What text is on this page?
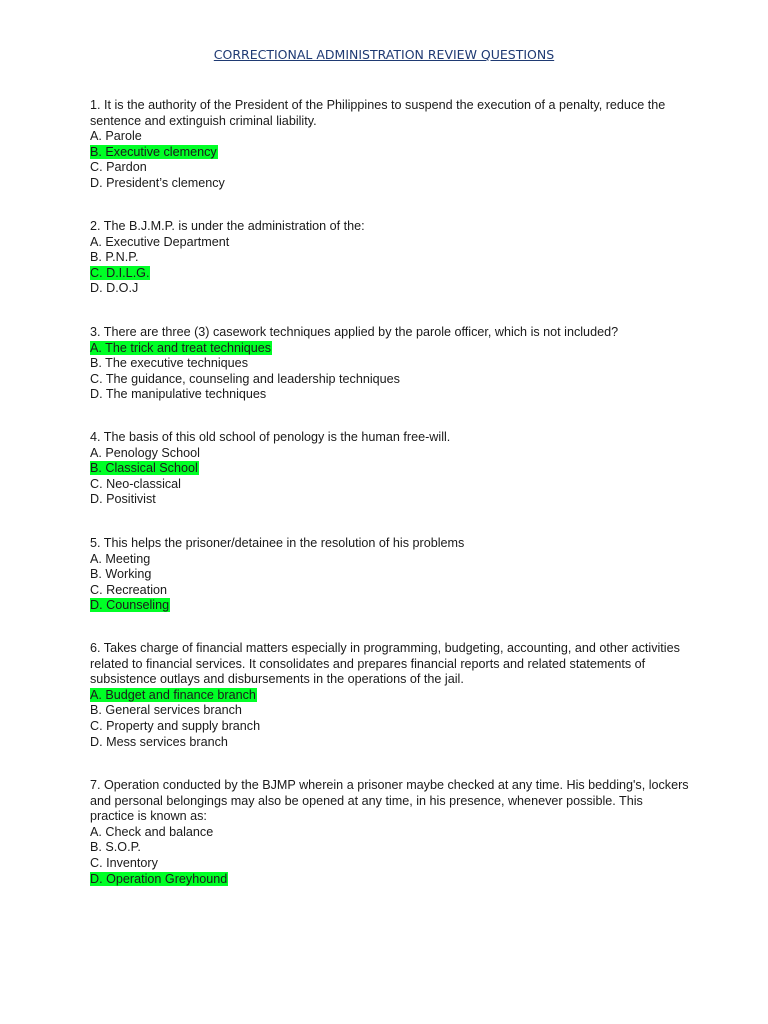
CORRECTIONAL ADMINISTRATION REVIEW QUESTIONS
1. It is the authority of the President of the Philippines to suspend the execution of a penalty, reduce the sentence and extinguish criminal liability.
A. Parole
B. Executive clemency
C. Pardon
D. President’s clemency
2. The B.J.M.P. is under the administration of the:
A. Executive Department
B. P.N.P.
C. D.I.L.G.
D. D.O.J
3. There are three (3) casework techniques applied by the parole officer, which is not included?
A. The trick and treat techniques
B. The executive techniques
C. The guidance, counseling and leadership techniques
D. The manipulative techniques
4. The basis of this old school of penology is the human free-will.
A. Penology School
B. Classical School
C. Neo-classical
D. Positivist
5. This helps the prisoner/detainee in the resolution of his problems
A. Meeting
B. Working
C. Recreation
D. Counseling
6. Takes charge of financial matters especially in programming, budgeting, accounting, and other activities related to financial services. It consolidates and prepares financial reports and related statements of subsistence outlays and disbursements in the operations of the jail.
A. Budget and finance branch
B. General services branch
C. Property and supply branch
D. Mess services branch
7. Operation conducted by the BJMP wherein a prisoner maybe checked at any time. His bedding's, lockers and personal belongings may also be opened at any time, in his presence, whenever possible. This practice is known as:
A. Check and balance
B. S.O.P.
C. Inventory
D. Operation Greyhound
